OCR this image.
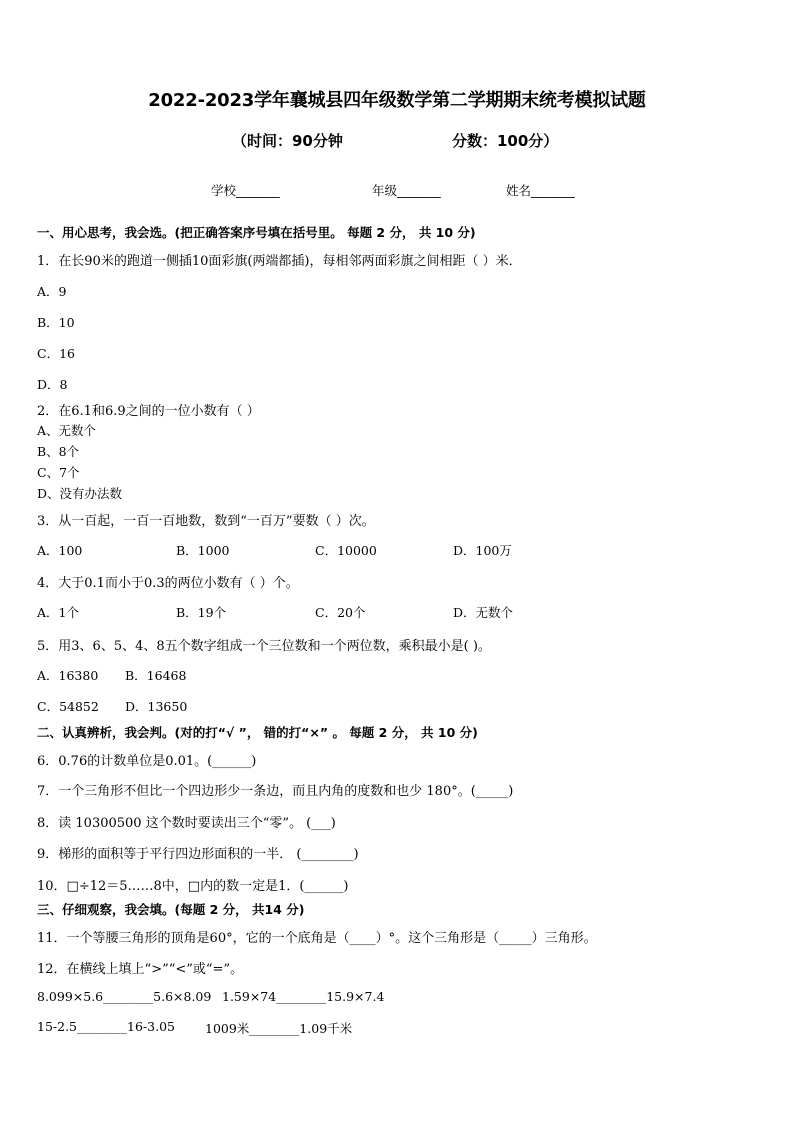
2022-2023学年襄城县四年级数学第二学期期末统考模拟试题
（时间：90分钟	分数：100分）
学校_______	年级_______	姓名_______
一、用心思考，我会选。(把正确答案序号填在括号里。 每题 2 分， 共 10 分)
1．在长90米的跑道一侧插10面彩旗(两端都插)，每相邻两面彩旗之间相距（ ）米．
A．9
B．10
C．16
D．8
2．在6.1和6.9之间的一位小数有（ ）
A、无数个
B、8个
C、7个
D、没有办法数
3．从一百起，一百一百地数，数到“一百万”要数（ ）次。
A．100	B．1000	C．10000	D．100万
4．大于0.1而小于0.3的两位小数有（ ）个。
A．1个	B．19个	C．20个	D．无数个
5．用3、6、5、4、8五个数字组成一个三位数和一个两位数，乘积最小是( )。
A．16380 B．16468
C．54852 D．13650
二、认真辨析，我会判。(对的打“√ ”， 错的打“×” 。 每题 2 分， 共 10 分)
6．0.76的计数单位是0.01。(______)
7．一个三角形不但比一个四边形少一条边，而且内角的度数和也少 180°。(_____)
8．读 10300500 这个数时要读出三个“零”。 (___)
9．梯形的面积等于平行四边形面积的一半． (________)
10．□÷12＝5……8中，□内的数一定是1．(______)
三、仔细观察，我会填。(每题 2 分， 共14 分)
11．一个等腰三角形的顶角是60°，它的一个底角是（____）°。这个三角形是（_____）三角形。
12．在横线上填上“>”“<”或“=”。
8.099×5.6________5.6×8.09 1.59×74________15.9×7.4
15-2.5________16-3.05 1009米________1.09千米
